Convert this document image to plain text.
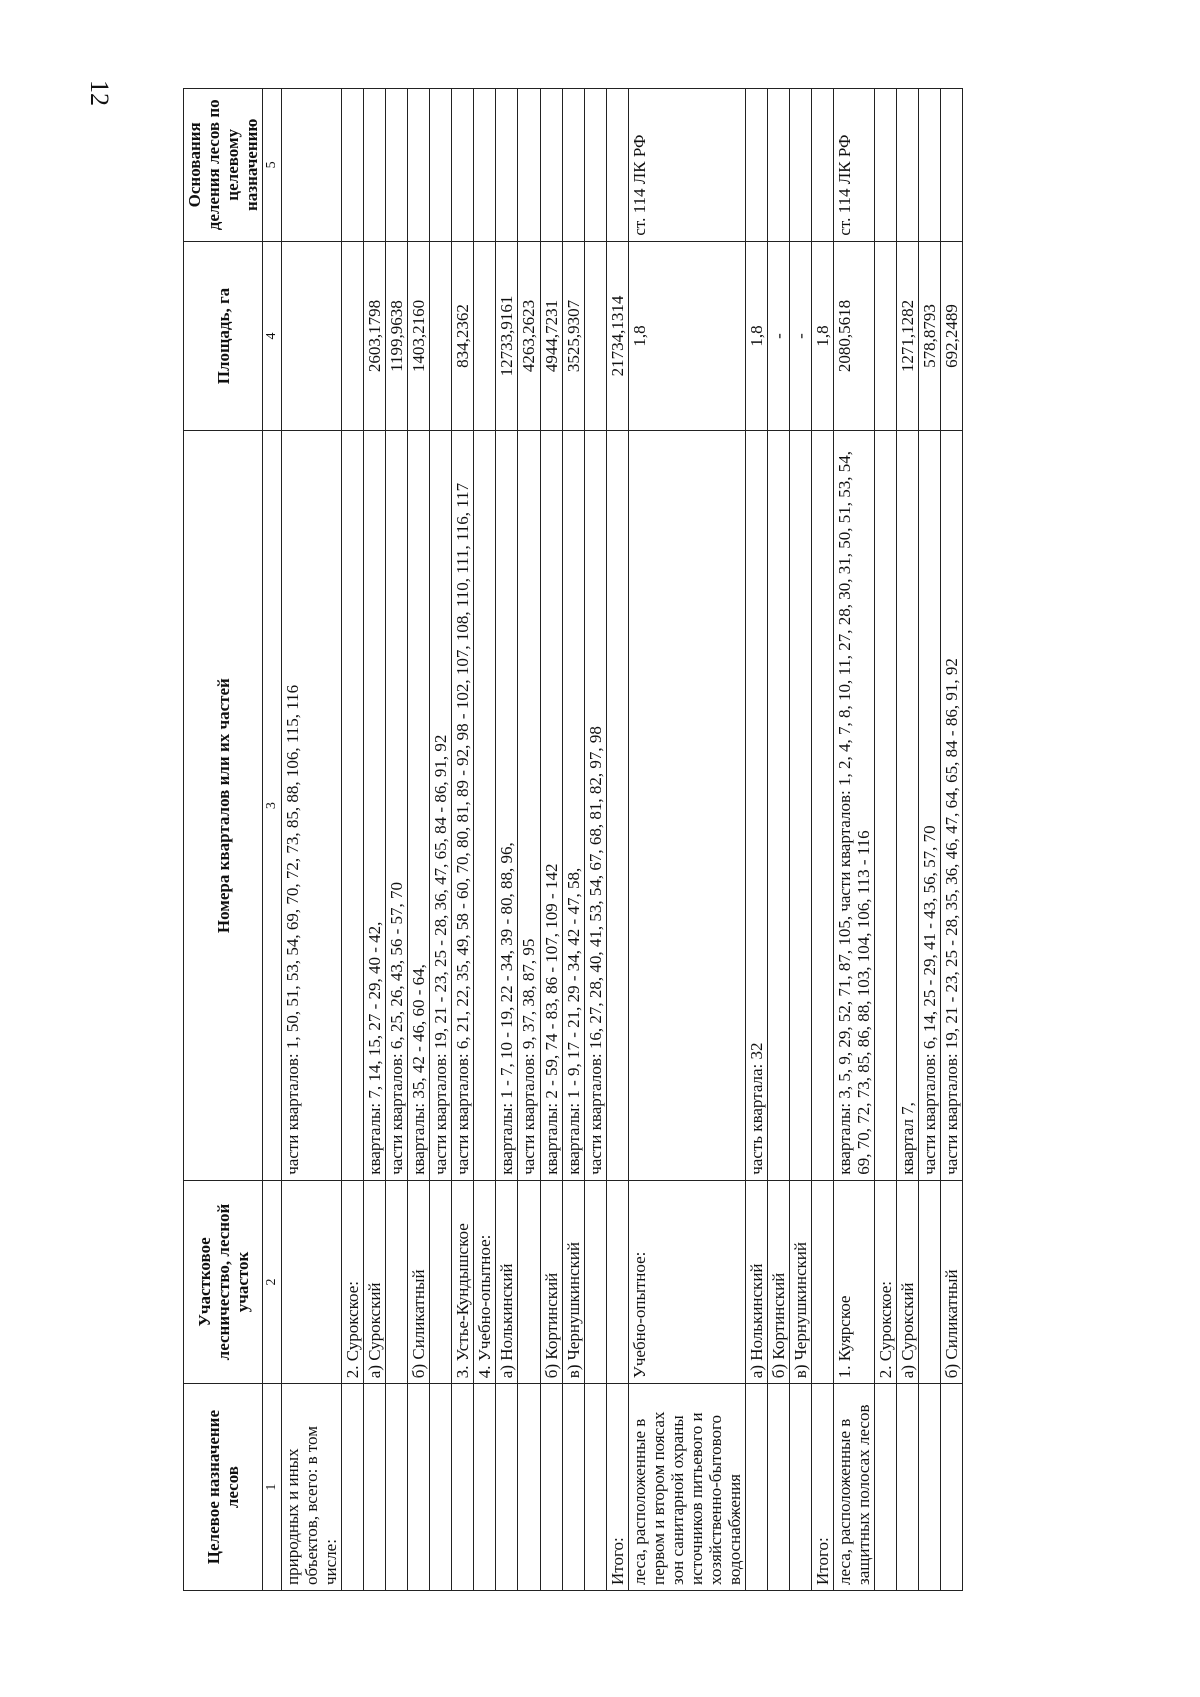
12
Целевое назначение лесов	Участковое лесничество, лесной участок	Номера кварталов или их частей	Площадь, га	Основания деления лесов по целевому назначению
1	2	3	4	5
природных и иных объектов, всего: в том числе:		части кварталов: 1, 50, 51, 53, 54, 69, 70, 72, 73, 85, 88, 106, 115, 116		
	2. Сурокское:			
	а) Сурокский	кварталы: 7, 14, 15, 27 - 29, 40 - 42,	2603,1798	
		части кварталов: 6, 25, 26, 43, 56 - 57, 70	1199,9638	
	б) Силикатный	кварталы: 35, 42 - 46, 60 - 64,	1403,2160	
		части кварталов: 19, 21 - 23, 25 - 28, 36, 47, 65, 84 - 86, 91, 92		
	3. Устье-Кундышское	части кварталов: 6, 21, 22, 35, 49, 58 - 60, 70, 80, 81, 89 - 92, 98 - 102, 107, 108, 110, 111, 116, 117	834,2362	
	4. Учебно-опытное:			
	а) Нолькинский	кварталы: 1 - 7, 10 - 19, 22 - 34, 39 - 80, 88, 96,	12733,9161	
		части кварталов: 9, 37, 38, 87, 95	4263,2623	
	б) Кортинский	кварталы: 2 - 59, 74 - 83, 86 - 107, 109 - 142	4944,7231	
	в) Чернушкинский	кварталы: 1 - 9, 17 - 21, 29 - 34, 42 - 47, 58,	3525,9307	
		части кварталов: 16, 27, 28, 40, 41, 53, 54, 67, 68, 81, 82, 97, 98		
Итого:			21734,1314	
леса, расположенные в первом и втором поясах зон санитарной охраны источников питьевого и хозяйственно-бытового водоснабжения	Учебно-опытное:		1,8	ст. 114 ЛК РФ
	а) Нолькинский	часть квартала: 32	1,8	
	б) Кортинский		-	
	в) Чернушкинский		-	
Итого:			1,8	
леса, расположенные в защитных полосах лесов	1. Куярское	кварталы: 3, 5, 9, 29, 52, 71, 87, 105, части кварталов: 1, 2, 4, 7, 8, 10, 11, 27, 28, 30, 31, 50, 51, 53, 54, 69, 70, 72, 73, 85, 86, 88, 103, 104, 106, 113 - 116	2080,5618	ст. 114 ЛК РФ
	2. Сурокское:			
	а) Сурокский	квартал 7,	1271,1282	
		части кварталов: 6, 14, 25 - 29, 41 - 43, 56, 57, 70	578,8793	
	б) Силикатный	части кварталов: 19, 21 - 23, 25 - 28, 35, 36, 46, 47, 64, 65, 84 - 86, 91, 92	692,2489	
